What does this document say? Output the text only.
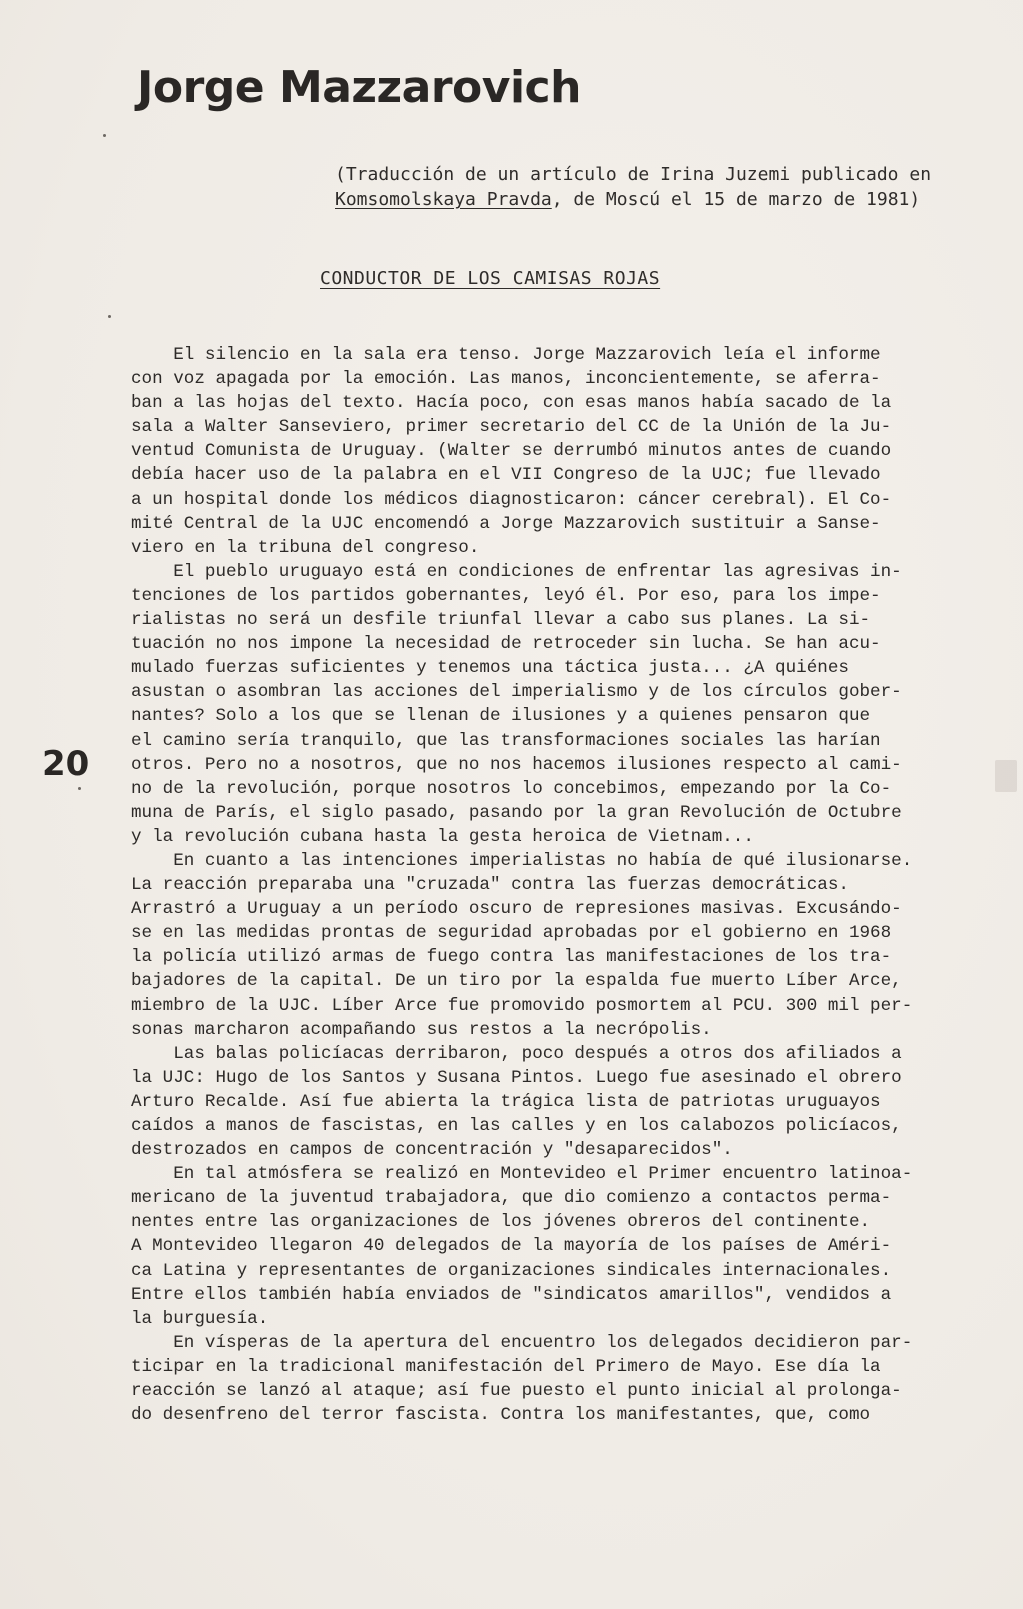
Jorge Mazzarovich
(Traducción de un artículo de Irina Juzemi publicado en
Komsomolskaya Pravda, de Moscú el 15 de marzo de 1981)
CONDUCTOR DE LOS CAMISAS ROJAS
20
El silencio en la sala era tenso. Jorge Mazzarovich leía el informe
con voz apagada por la emoción. Las manos, inconcientemente, se aferra-
ban a las hojas del texto. Hacía poco, con esas manos había sacado de la
sala a Walter Sanseviero, primer secretario del CC de la Unión de la Ju-
ventud Comunista de Uruguay. (Walter se derrumbó minutos antes de cuando
debía hacer uso de la palabra en el VII Congreso de la UJC; fue llevado
a un hospital donde los médicos diagnosticaron: cáncer cerebral). El Co-
mité Central de la UJC encomendó a Jorge Mazzarovich sustituir a Sanse-
viero en la tribuna del congreso.
El pueblo uruguayo está en condiciones de enfrentar las agresivas in-
tenciones de los partidos gobernantes, leyó él. Por eso, para los impe-
rialistas no será un desfile triunfal llevar a cabo sus planes. La si-
tuación no nos impone la necesidad de retroceder sin lucha. Se han acu-
mulado fuerzas suficientes y tenemos una táctica justa... ¿A quiénes
asustan o asombran las acciones del imperialismo y de los círculos gober-
nantes? Solo a los que se llenan de ilusiones y a quienes pensaron que
el camino sería tranquilo, que las transformaciones sociales las harían
otros. Pero no a nosotros, que no nos hacemos ilusiones respecto al cami-
no de la revolución, porque nosotros lo concebimos, empezando por la Co-
muna de París, el siglo pasado, pasando por la gran Revolución de Octubre
y la revolución cubana hasta la gesta heroica de Vietnam...
En cuanto a las intenciones imperialistas no había de qué ilusionarse.
La reacción preparaba una "cruzada" contra las fuerzas democráticas.
Arrastró a Uruguay a un período oscuro de represiones masivas. Excusándo-
se en las medidas prontas de seguridad aprobadas por el gobierno en 1968
la policía utilizó armas de fuego contra las manifestaciones de los tra-
bajadores de la capital. De un tiro por la espalda fue muerto Líber Arce,
miembro de la UJC. Líber Arce fue promovido posmortem al PCU. 300 mil per-
sonas marcharon acompañando sus restos a la necrópolis.
Las balas policíacas derribaron, poco después a otros dos afiliados a
la UJC: Hugo de los Santos y Susana Pintos. Luego fue asesinado el obrero
Arturo Recalde. Así fue abierta la trágica lista de patriotas uruguayos
caídos a manos de fascistas, en las calles y en los calabozos policíacos,
destrozados en campos de concentración y "desaparecidos".
En tal atmósfera se realizó en Montevideo el Primer encuentro latinoa-
mericano de la juventud trabajadora, que dio comienzo a contactos perma-
nentes entre las organizaciones de los jóvenes obreros del continente.
A Montevideo llegaron 40 delegados de la mayoría de los países de Améri-
ca Latina y representantes de organizaciones sindicales internacionales.
Entre ellos también había enviados de "sindicatos amarillos", vendidos a
la burguesía.
En vísperas de la apertura del encuentro los delegados decidieron par-
ticipar en la tradicional manifestación del Primero de Mayo. Ese día la
reacción se lanzó al ataque; así fue puesto el punto inicial al prolonga-
do desenfreno del terror fascista. Contra los manifestantes, que, como
